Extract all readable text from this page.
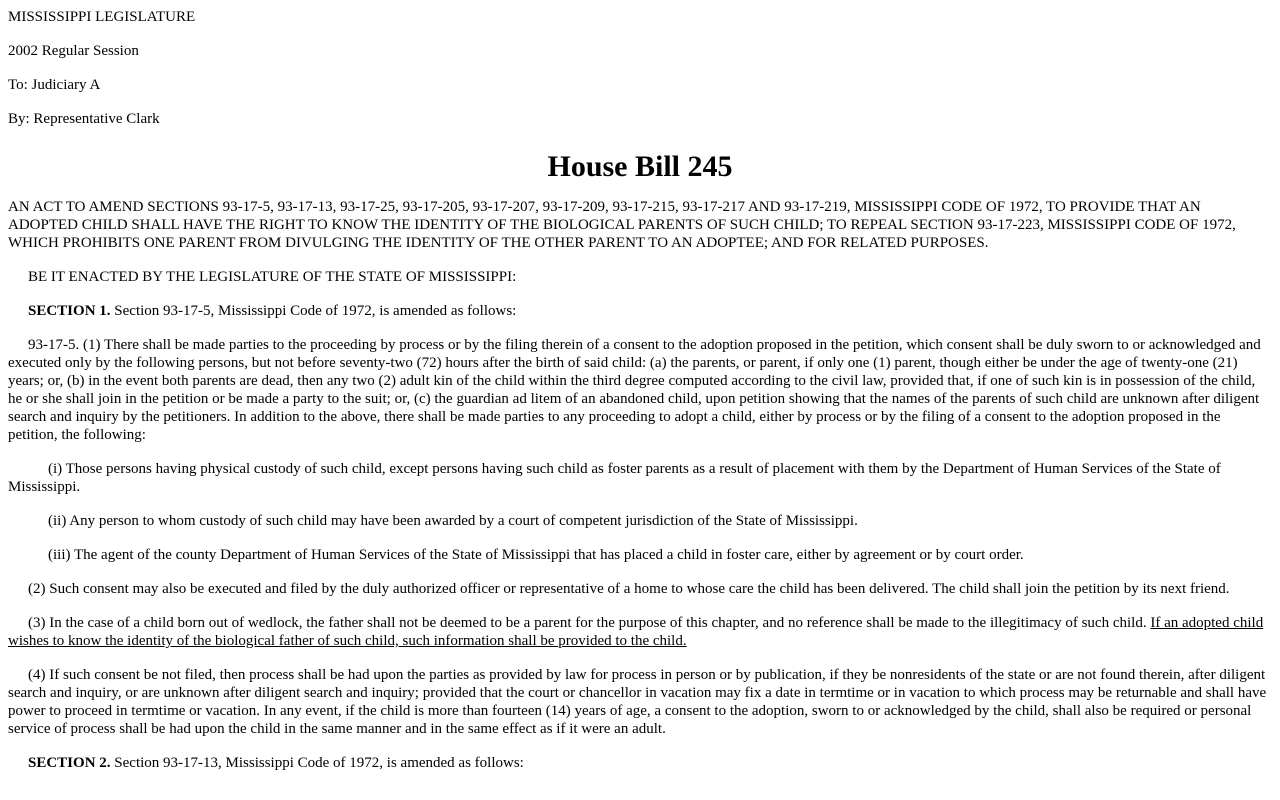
MISSISSIPPI LEGISLATURE

2002 Regular Session

To: Judiciary A

By: Representative Clark

House Bill 245

AN ACT TO AMEND SECTIONS 93-17-5, 93-17-13, 93-17-25, 93-17-205, 93-17-207, 93-17-209, 93-17-215, 93-17-217 AND 93-17-219, MISSISSIPPI CODE OF 1972, TO PROVIDE THAT AN ADOPTED CHILD SHALL HAVE THE RIGHT TO KNOW THE IDENTITY OF THE BIOLOGICAL PARENTS OF SUCH CHILD; TO REPEAL SECTION 93-17-223, MISSISSIPPI CODE OF 1972, WHICH PROHIBITS ONE PARENT FROM DIVULGING THE IDENTITY OF THE OTHER PARENT TO AN ADOPTEE; AND FOR RELATED PURPOSES.

BE IT ENACTED BY THE LEGISLATURE OF THE STATE OF MISSISSIPPI:

SECTION 1. Section 93-17-5, Mississippi Code of 1972, is amended as follows:

93-17-5. (1) There shall be made parties to the proceeding by process or by the filing therein of a consent to the adoption proposed in the petition, which consent shall be duly sworn to or acknowledged and executed only by the following persons, but not before seventy-two (72) hours after the birth of said child: (a) the parents, or parent, if only one (1) parent, though either be under the age of twenty-one (21) years; or, (b) in the event both parents are dead, then any two (2) adult kin of the child within the third degree computed according to the civil law, provided that, if one of such kin is in possession of the child, he or she shall join in the petition or be made a party to the suit; or, (c) the guardian ad litem of an abandoned child, upon petition showing that the names of the parents of such child are unknown after diligent search and inquiry by the petitioners. In addition to the above, there shall be made parties to any proceeding to adopt a child, either by process or by the filing of a consent to the adoption proposed in the petition, the following:

(i) Those persons having physical custody of such child, except persons having such child as foster parents as a result of placement with them by the Department of Human Services of the State of Mississippi.

(ii) Any person to whom custody of such child may have been awarded by a court of competent jurisdiction of the State of Mississippi.

(iii) The agent of the county Department of Human Services of the State of Mississippi that has placed a child in foster care, either by agreement or by court order.

(2) Such consent may also be executed and filed by the duly authorized officer or representative of a home to whose care the child has been delivered. The child shall join the petition by its next friend.

(3) In the case of a child born out of wedlock, the father shall not be deemed to be a parent for the purpose of this chapter, and no reference shall be made to the illegitimacy of such child. If an adopted child wishes to know the identity of the biological father of such child, such information shall be provided to the child.

(4) If such consent be not filed, then process shall be had upon the parties as provided by law for process in person or by publication, if they be nonresidents of the state or are not found therein, after diligent search and inquiry, or are unknown after diligent search and inquiry; provided that the court or chancellor in vacation may fix a date in termtime or in vacation to which process may be returnable and shall have power to proceed in termtime or vacation. In any event, if the child is more than fourteen (14) years of age, a consent to the adoption, sworn to or acknowledged by the child, shall also be required or personal service of process shall be had upon the child in the same manner and in the same effect as if it were an adult.

SECTION 2. Section 93-17-13, Mississippi Code of 1972, is amended as follows:
